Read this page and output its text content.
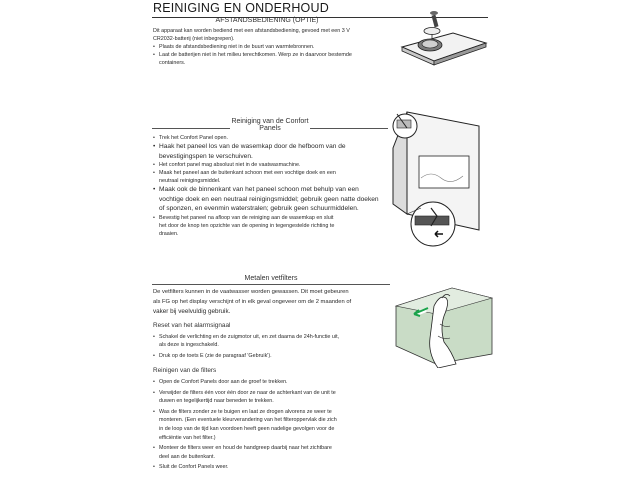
REINIGING EN ONDERHOUD
AFSTANDSBEDIENING (OPTIE)

Dit apparaat kan worden bediend met een afstandsbediening, gevoed met een 3 V

CR2032-batterij (niet inbegrepen).

• Plaats de afstandsbediening niet in de buurt van warmtebronnen.

• Laat de batterijen niet in het milieu terechtkomen. Werp ze in daarvoor bestemde
containers.

Reiniging van de Confort Panels

• Trek het Confort Panel open.

• Haak het paneel los van de wasemkap door de hefboom van de
bevestigingspen te verschuiven.

• Het confort panel mag absoluut niet in de vaatwasmachine.

• Maak het paneel aan de buitenkant schoon met een vochtige doek en een
neutraal reinigingsmiddel.

• Maak ook de binnenkant van het paneel schoon met behulp van een
vochtige doek en een neutraal reinigingsmiddel; gebruik geen natte doeken
of sponzen, en evenmin waterstralen; gebruik geen schuurmiddelen.

• Bevestig het paneel na afloop van de reiniging aan de wasemkap en sluit
het door de knop ten opzichte van de opening in tegengestelde richting te
draaien.

Metalen vetfilters

De vetfilters kunnen in de vaatwasser worden gewassen. Dit moet gebeuren

als FG op het display verschijnt of in elk geval ongeveer om de 2 maanden of

vaker bij veelvuldig gebruik.

Reset van het alarmsignaal

• Schakel de verlichting en de zuigmotor uit, en zet daarna de 24h-functie uit,
als deze is ingeschakeld.

• Druk op de toets E (zie de paragraaf 'Gebruik').

Reinigen van de filters

• Open de Confort Panels door aan de groef te trekken.

• Verwijder de filters één voor één door ze naar de achterkant van de unit te
duwen en tegelijkertijd naar beneden te trekken.

• Was de filters zonder ze te buigen en laat ze drogen alvorens ze weer te
monteren. (Een eventuele kleurverandering van het filteroppervlak die zich
in de loop van de tijd kan voordoen heeft geen nadelige gevolgen voor de
efficiëntie van het filter.)

• Monteer de filters weer en houd de handgreep daarbij naar het zichtbare
deel aan de buitenkant.

• Sluit de Confort Panels weer.
